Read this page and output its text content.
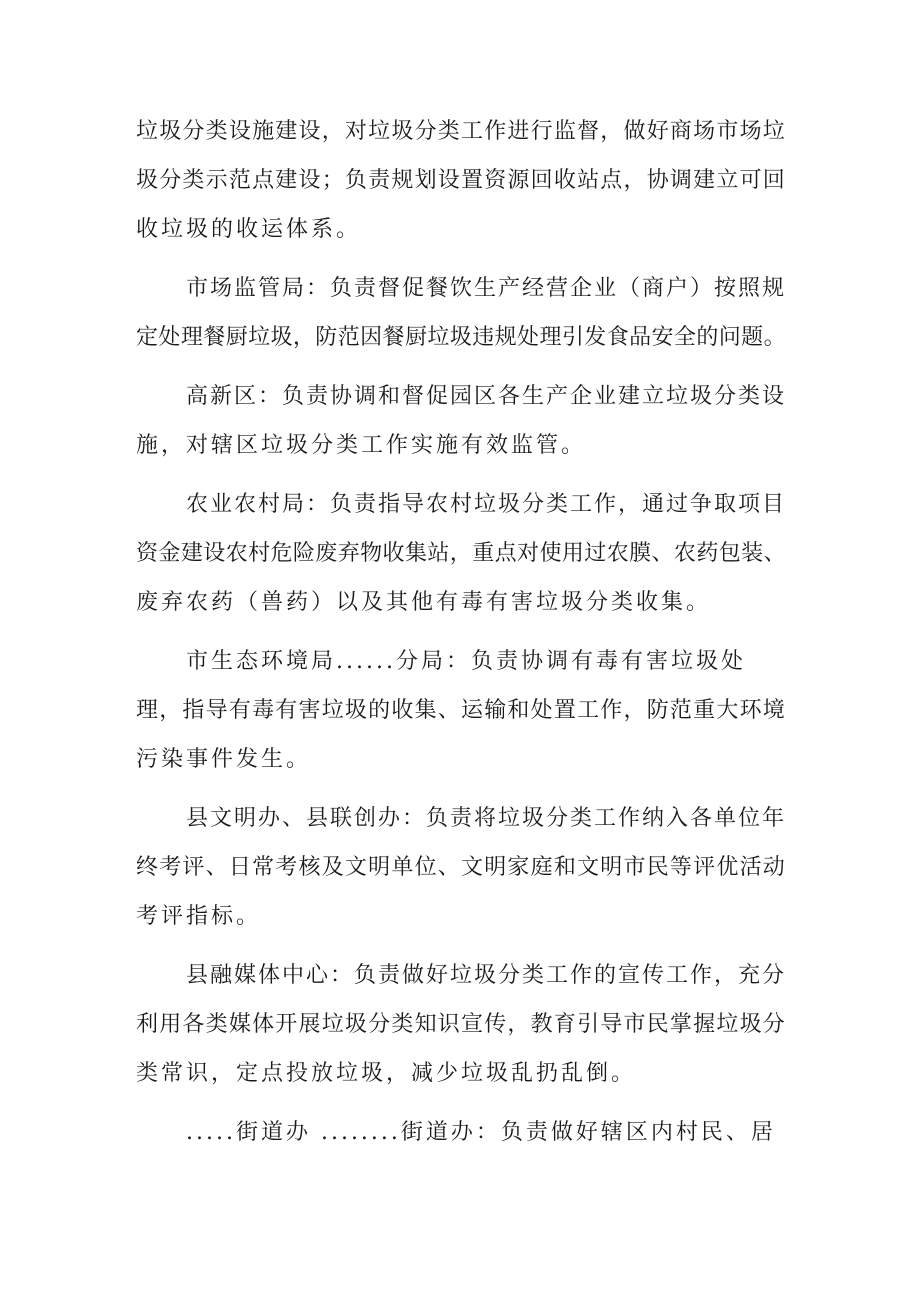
垃圾分类设施建设，对垃圾分类工作进行监督，做好商场市场垃
圾分类示范点建设；负责规划设置资源回收站点，协调建立可回
收垃圾的收运体系。
市场监管局：负责督促餐饮生产经营企业（商户）按照规
定处理餐厨垃圾，防范因餐厨垃圾违规处理引发食品安全的问题。
高新区：负责协调和督促园区各生产企业建立垃圾分类设
施，对辖区垃圾分类工作实施有效监管。
农业农村局：负责指导农村垃圾分类工作，通过争取项目
资金建设农村危险废弃物收集站，重点对使用过农膜、农药包装、
废弃农药（兽药）以及其他有毒有害垃圾分类收集。
市生态环境局......分局：负责协调有毒有害垃圾处
理，指导有毒有害垃圾的收集、运输和处置工作，防范重大环境
污染事件发生。
县文明办、县联创办：负责将垃圾分类工作纳入各单位年
终考评、日常考核及文明单位、文明家庭和文明市民等评优活动
考评指标。
县融媒体中心：负责做好垃圾分类工作的宣传工作，充分
利用各类媒体开展垃圾分类知识宣传，教育引导市民掌握垃圾分
类常识，定点投放垃圾，减少垃圾乱扔乱倒。
.....街道办 ........街道办：负责做好辖区内村民、居
